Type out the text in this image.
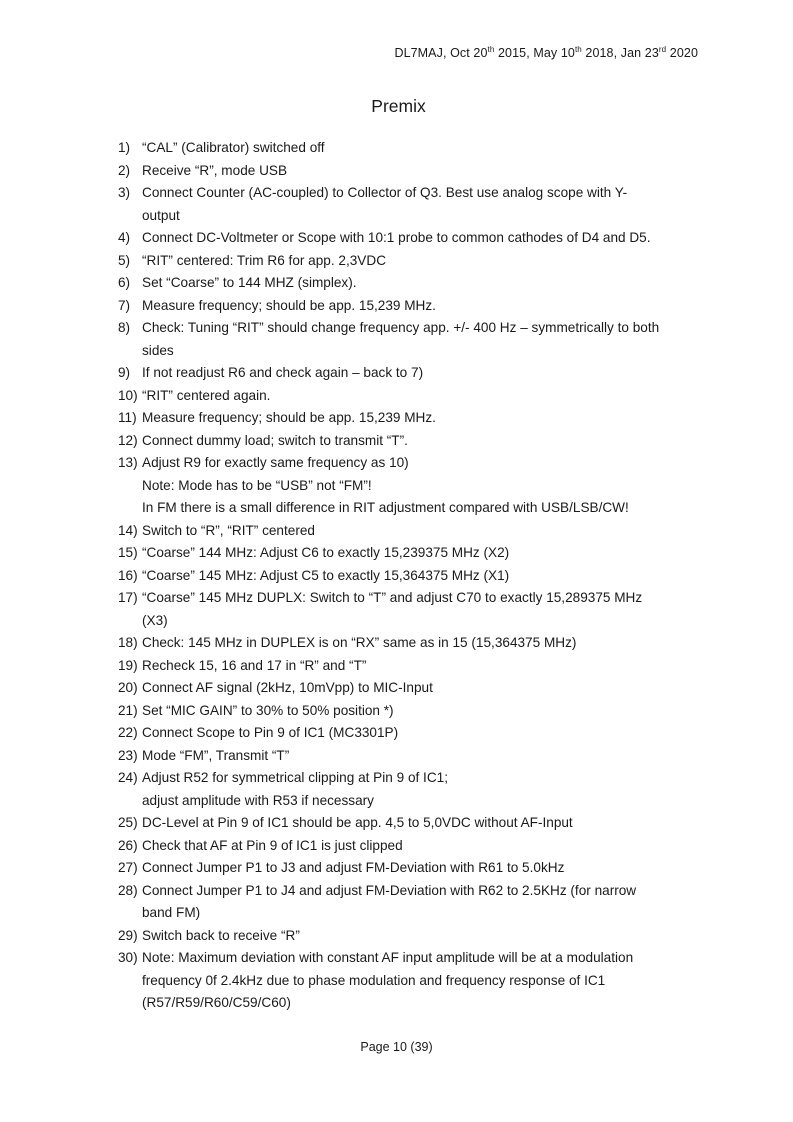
DL7MAJ, Oct 20th 2015, May 10th 2018, Jan 23rd 2020
Premix
1) “CAL” (Calibrator) switched off
2) Receive “R”, mode USB
3) Connect Counter (AC-coupled) to Collector of Q3. Best use analog scope with Y-
output
4) Connect DC-Voltmeter or Scope with 10:1 probe to common cathodes of D4 and D5.
5) “RIT” centered: Trim R6 for app. 2,3VDC
6) Set “Coarse” to 144 MHZ (simplex).
7) Measure frequency; should be app. 15,239 MHz.
8) Check: Tuning “RIT” should change frequency app. +/- 400 Hz – symmetrically to both
sides
9) If not readjust R6 and check again – back to 7)
10) “RIT” centered again.
11) Measure frequency; should be app. 15,239 MHz.
12) Connect dummy load; switch to transmit “T”.
13) Adjust R9 for exactly same frequency as 10)
Note: Mode has to be “USB” not “FM”!
In FM there is a small difference in RIT adjustment compared with USB/LSB/CW!
14) Switch to “R”, “RIT” centered
15) “Coarse” 144 MHz: Adjust C6 to exactly 15,239375 MHz (X2)
16) “Coarse” 145 MHz: Adjust C5 to exactly 15,364375 MHz (X1)
17) “Coarse” 145 MHz DUPLX: Switch to “T” and adjust C70 to exactly 15,289375 MHz
(X3)
18) Check: 145 MHz in DUPLEX is on “RX” same as in 15 (15,364375 MHz)
19) Recheck 15, 16 and 17 in “R” and “T”
20) Connect AF signal (2kHz, 10mVpp) to MIC-Input
21) Set “MIC GAIN” to 30% to 50% position *)
22) Connect Scope to Pin 9 of IC1 (MC3301P)
23) Mode “FM”, Transmit “T”
24) Adjust R52 for symmetrical clipping at Pin 9 of IC1;
adjust amplitude with R53 if necessary
25) DC-Level at Pin 9 of IC1 should be app. 4,5 to 5,0VDC without AF-Input
26) Check that AF at Pin 9 of IC1 is just clipped
27) Connect Jumper P1 to J3 and adjust FM-Deviation with R61 to 5.0kHz
28) Connect Jumper P1 to J4 and adjust FM-Deviation with R62 to 2.5KHz (for narrow
band FM)
29) Switch back to receive “R”
30) Note: Maximum deviation with constant AF input amplitude will be at a modulation
frequency 0f 2.4kHz due to phase modulation and frequency response of IC1
(R57/R59/R60/C59/C60)
Page 10 (39)
